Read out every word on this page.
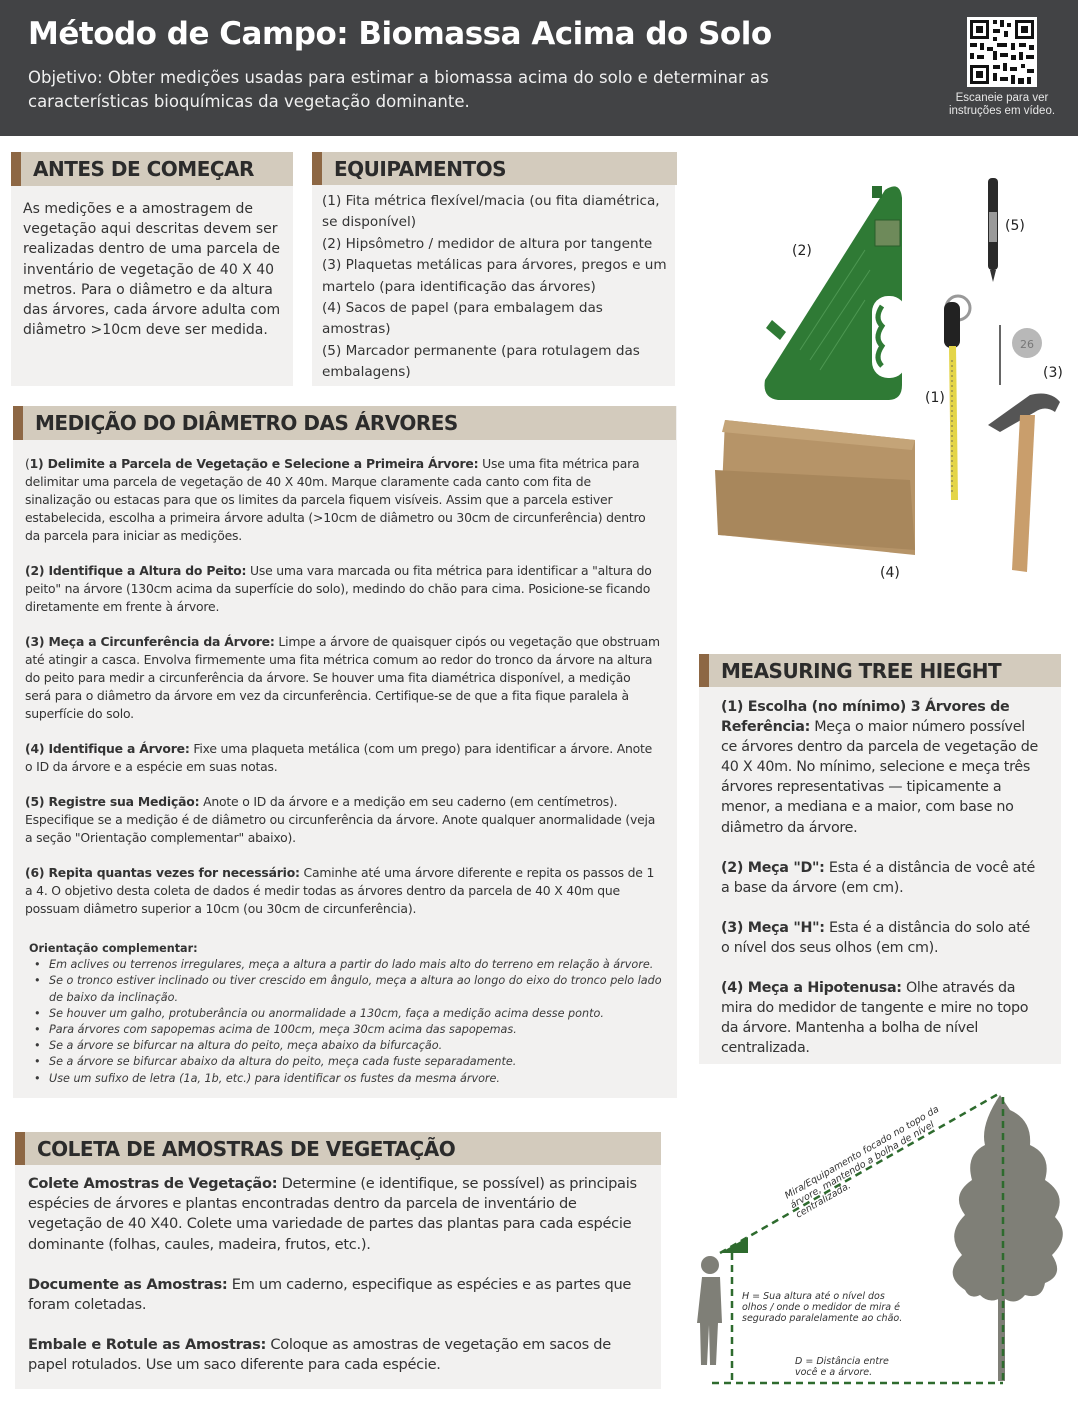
Método de Campo: Biomassa Acima do Solo
Objetivo: Obter medições usadas para estimar a biomassa acima do solo e determinar as características bioquímicas da vegetação dominante.	Escaneie para ver instruções em vídeo.
ANTES DE COMEÇAR
As medições e a amostragem de vegetação aqui descritas devem ser realizadas dentro de uma parcela de inventário de vegetação de 40 X 40 metros. Para o diâmetro e da altura das árvores, cada árvore adulta com diâmetro >10cm deve ser medida.
EQUIPAMENTOS
(1) Fita métrica flexível/macia (ou fita diamétrica, se disponível)
(2) Hipsômetro / medidor de altura por tangente
(3) Plaquetas metálicas para árvores, pregos e um martelo (para identificação das árvores)
(4) Sacos de papel (para embalagem das amostras)
(5) Marcador permanente (para rotulagem das embalagens)
26
(2)
(5)
(3)
(1)
(4)
MEDIÇÃO DO DIÂMETRO DAS ÁRVORES
(1) Delimite a Parcela de Vegetação e Selecione a Primeira Árvore: Use uma fita métrica para delimitar uma parcela de vegetação de 40 X 40m. Marque claramente cada canto com fita de sinalização ou estacas para que os limites da parcela fiquem visíveis. Assim que a parcela estiver estabelecida, escolha a primeira árvore adulta (>10cm de diâmetro ou 30cm de circunferência) dentro da parcela para iniciar as medições.
(2) Identifique a Altura do Peito: Use uma vara marcada ou fita métrica para identificar a "altura do peito" na árvore (130cm acima da superfície do solo), medindo do chão para cima. Posicione-se ficando diretamente em frente à árvore.
(3) Meça a Circunferência da Árvore: Limpe a árvore de quaisquer cipós ou vegetação que obstruam até atingir a casca. Envolva firmemente uma fita métrica comum ao redor do tronco da árvore na altura do peito para medir a circunferência da árvore. Se houver uma fita diamétrica disponível, a medição será para o diâmetro da árvore em vez da circunferência. Certifique-se de que a fita fique paralela à superfície do solo.
(4) Identifique a Árvore: Fixe uma plaqueta metálica (com um prego) para identificar a árvore. Anote o ID da árvore e a espécie em suas notas.
(5) Registre sua Medição: Anote o ID da árvore e a medição em seu caderno (em centímetros). Especifique se a medição é de diâmetro ou circunferência da árvore. Anote qualquer anormalidade (veja a seção "Orientação complementar" abaixo).
(6) Repita quantas vezes for necessário: Caminhe até uma árvore diferente e repita os passos de 1 a 4. O objetivo desta coleta de dados é medir todas as árvores dentro da parcela de 40 X 40m que possuam diâmetro superior a 10cm (ou 30cm de circunferência).
Orientação complementar:
• Em aclives ou terrenos irregulares, meça a altura a partir do lado mais alto do terreno em relação à árvore.
• Se o tronco estiver inclinado ou tiver crescido em ângulo, meça a altura ao longo do eixo do tronco pelo lado de baixo da inclinação.
• Se houver um galho, protuberância ou anormalidade a 130cm, faça a medição acima desse ponto.
• Para árvores com sapopemas acima de 100cm, meça 30cm acima das sapopemas.
• Se a árvore se bifurcar na altura do peito, meça abaixo da bifurcação.
• Se a árvore se bifurcar abaixo da altura do peito, meça cada fuste separadamente.
• Use um sufixo de letra (1a, 1b, etc.) para identificar os fustes da mesma árvore.
MEASURING TREE HIEGHT
(1) Escolha (no mínimo) 3 Árvores de Referência: Meça o maior número possível ce árvores dentro da parcela de vegetação de 40 X 40m. No mínimo, selecione e meça três árvores representativas — tipicamente a menor, a mediana e a maior, com base no diâmetro da árvore.
(2) Meça "D": Esta é a distância de você até a base da árvore (em cm).
(3) Meça "H": Esta é a distância do solo até o nível dos seus olhos (em cm).
(4) Meça a Hipotenusa: Olhe através da mira do medidor de tangente e mire no topo da árvore. Mantenha a bolha de nível centralizada.
COLETA DE AMOSTRAS DE VEGETAÇÃO
Colete Amostras de Vegetação: Determine (e identifique, se possível) as principais espécies de árvores e plantas encontradas dentro da parcela de inventário de vegetação de 40 X40. Colete uma variedade de partes das plantas para cada espécie dominante (folhas, caules, madeira, frutos, etc.).
Documente as Amostras: Em um caderno, especifique as espécies e as partes que foram coletadas.
Embale e Rotule as Amostras: Coloque as amostras de vegetação em sacos de papel rotulados. Use um saco diferente para cada espécie.
Mira/Equipamento focado no topo da árvore, mantendo a bolha de nível centralizada.
H = Sua altura até o nível dos olhos / onde o medidor de mira é segurado paralelamente ao chão.
D = Distância entre você e a árvore.
